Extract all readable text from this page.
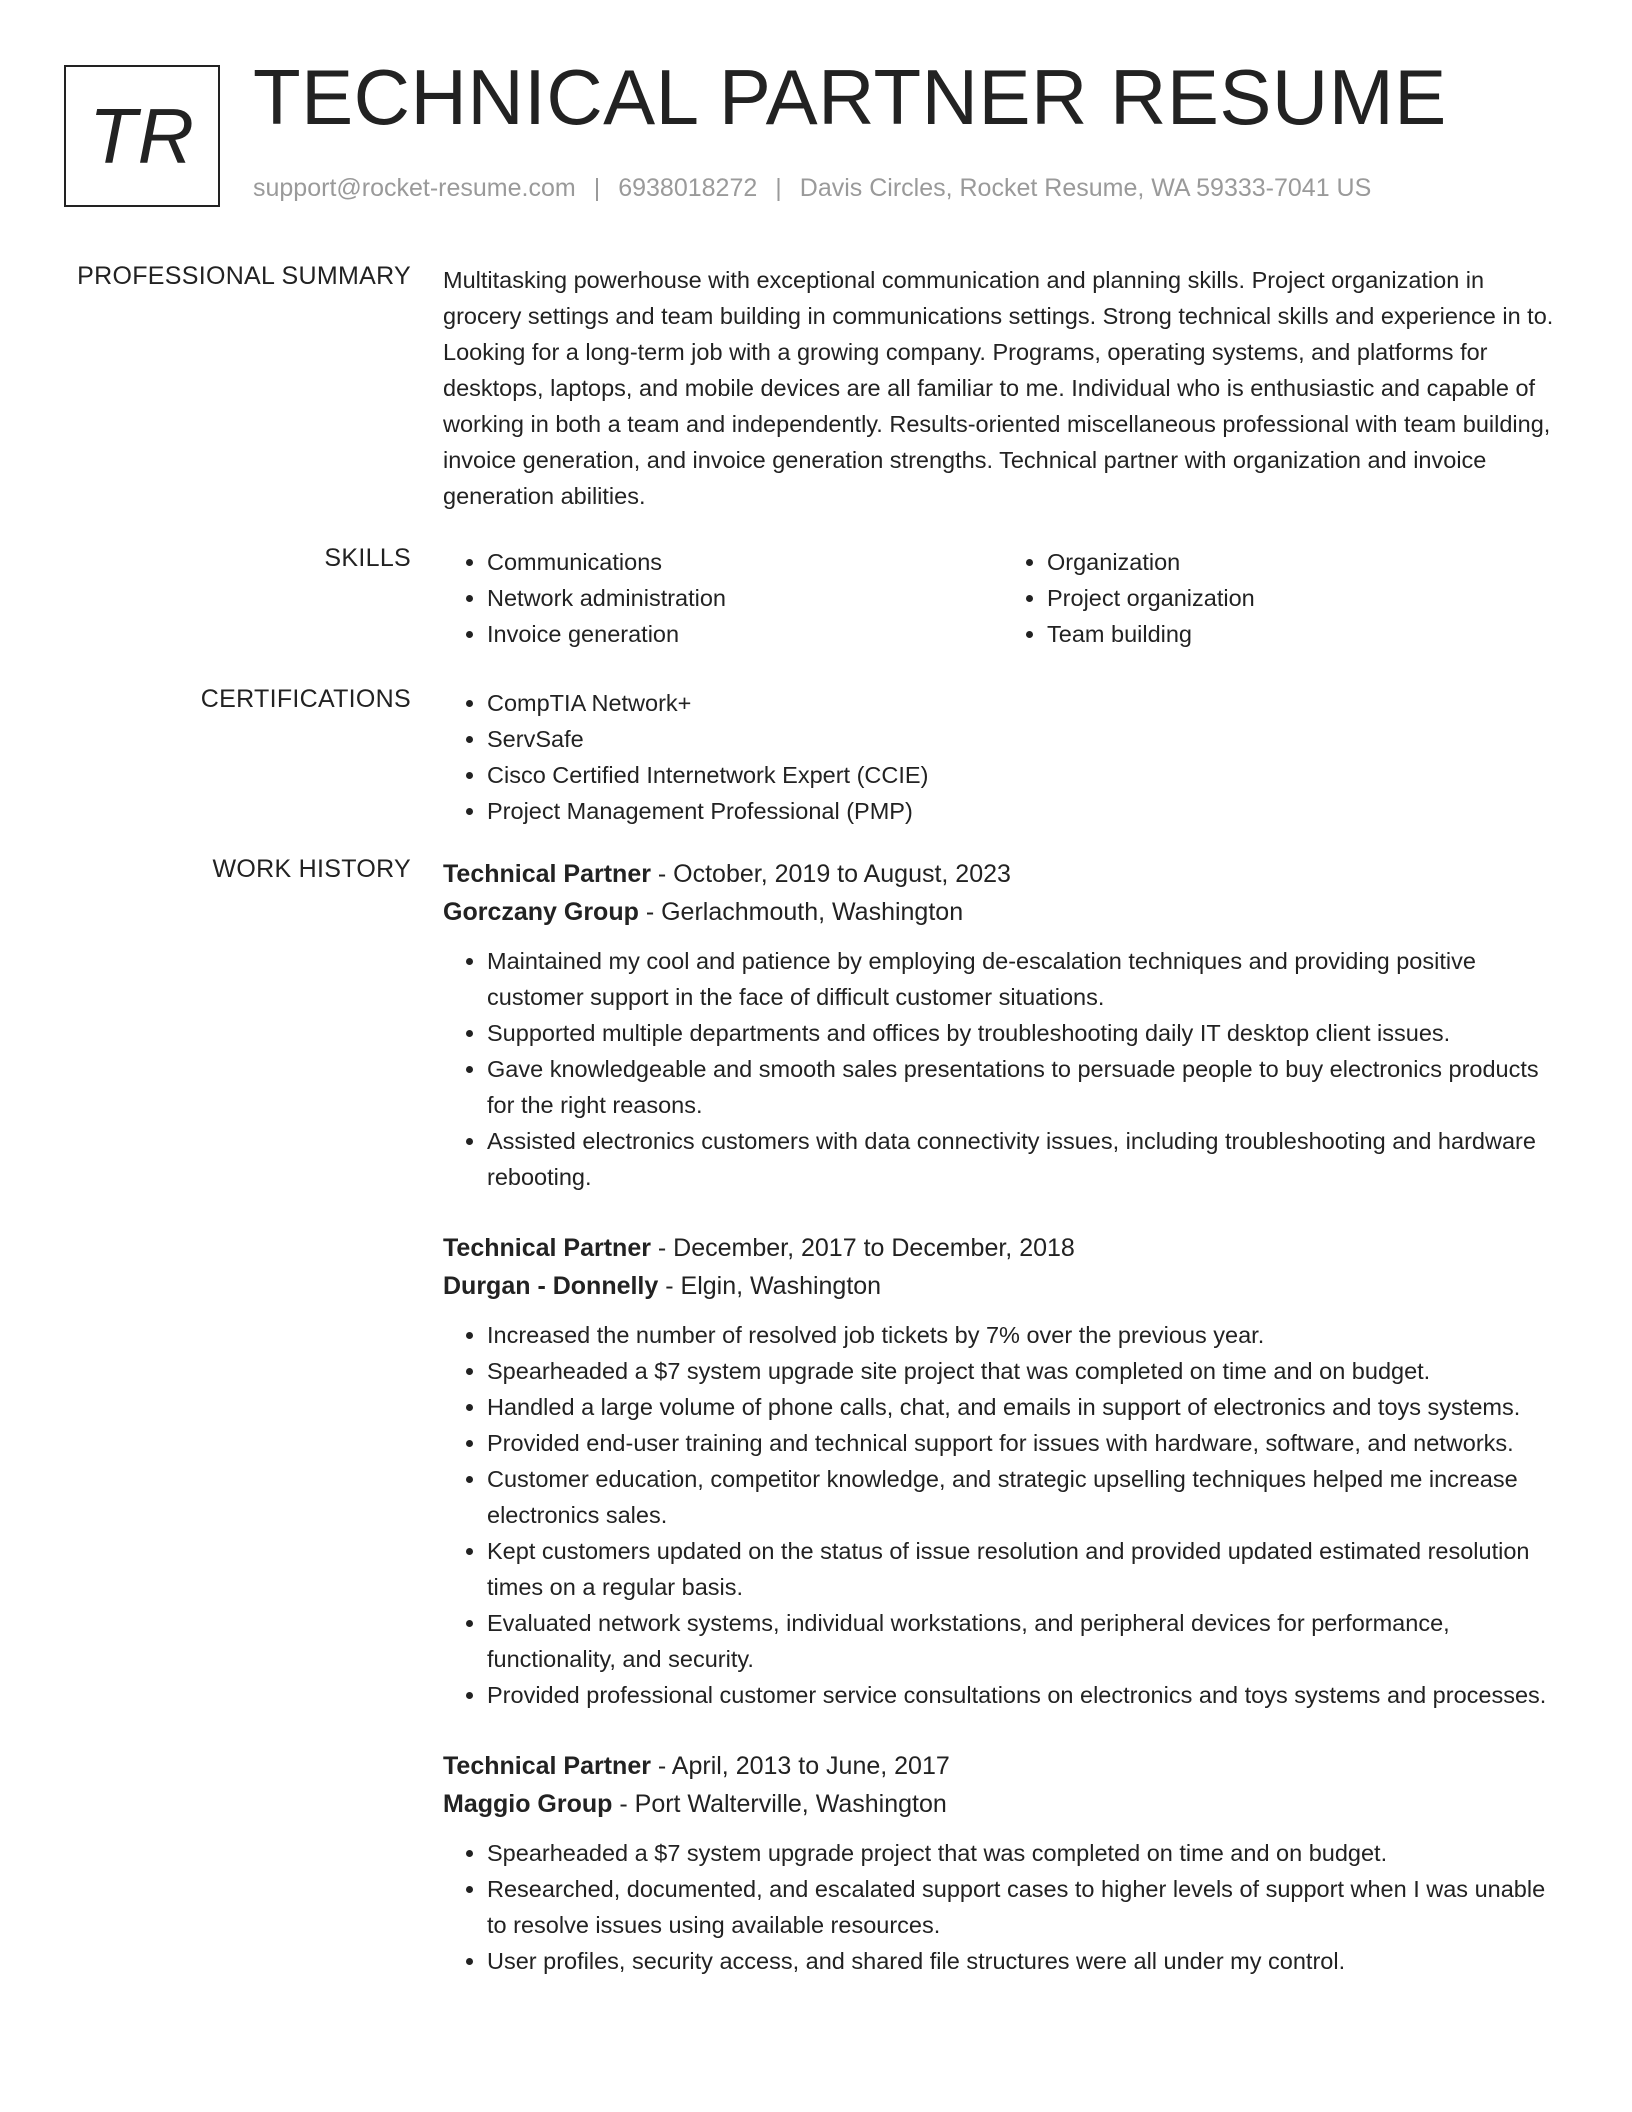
TR TECHNICAL PARTNER RESUME
support@rocket-resume.com | 6938018272 | Davis Circles, Rocket Resume, WA 59333-7041 US
PROFESSIONAL SUMMARY Multitasking powerhouse with exceptional communication and planning skills. Project organization in grocery settings and team building in communications settings. Strong technical skills and experience in to. Looking for a long-term job with a growing company. Programs, operating systems, and platforms for desktops, laptops, and mobile devices are all familiar to me. Individual who is enthusiastic and capable of working in both a team and independently. Results-oriented miscellaneous professional with team building, invoice generation, and invoice generation strengths. Technical partner with organization and invoice generation abilities.

SKILLS	• Communications
• Network administration
• Invoice generation
• Organization
• Project organization
• Team building
CERTIFICATIONS	• CompTIA Network+
• ServSafe
• Cisco Certified Internetwork Expert (CCIE)
• Project Management Professional (PMP)
WORK HISTORY Technical Partner - October, 2019 to August, 2023
Gorczany Group - Gerlachmouth, Washington
• Maintained my cool and patience by employing de-escalation techniques and providing positive customer support in the face of difficult customer situations.
• Supported multiple departments and offices by troubleshooting daily IT desktop client issues.
• Gave knowledgeable and smooth sales presentations to persuade people to buy electronics products for the right reasons.
• Assisted electronics customers with data connectivity issues, including troubleshooting and hardware rebooting.
Technical Partner - December, 2017 to December, 2018
Durgan - Donnelly - Elgin, Washington
• Increased the number of resolved job tickets by 7% over the previous year.
• Spearheaded a $7 system upgrade site project that was completed on time and on budget.
• Handled a large volume of phone calls, chat, and emails in support of electronics and toys systems.
• Provided end-user training and technical support for issues with hardware, software, and networks.
• Customer education, competitor knowledge, and strategic upselling techniques helped me increase electronics sales.
• Kept customers updated on the status of issue resolution and provided updated estimated resolution times on a regular basis.
• Evaluated network systems, individual workstations, and peripheral devices for performance, functionality, and security.
• Provided professional customer service consultations on electronics and toys systems and processes.
Technical Partner - April, 2013 to June, 2017
Maggio Group - Port Walterville, Washington
• Spearheaded a $7 system upgrade project that was completed on time and on budget.
• Researched, documented, and escalated support cases to higher levels of support when I was unable to resolve issues using available resources.
• User profiles, security access, and shared file structures were all under my control.
